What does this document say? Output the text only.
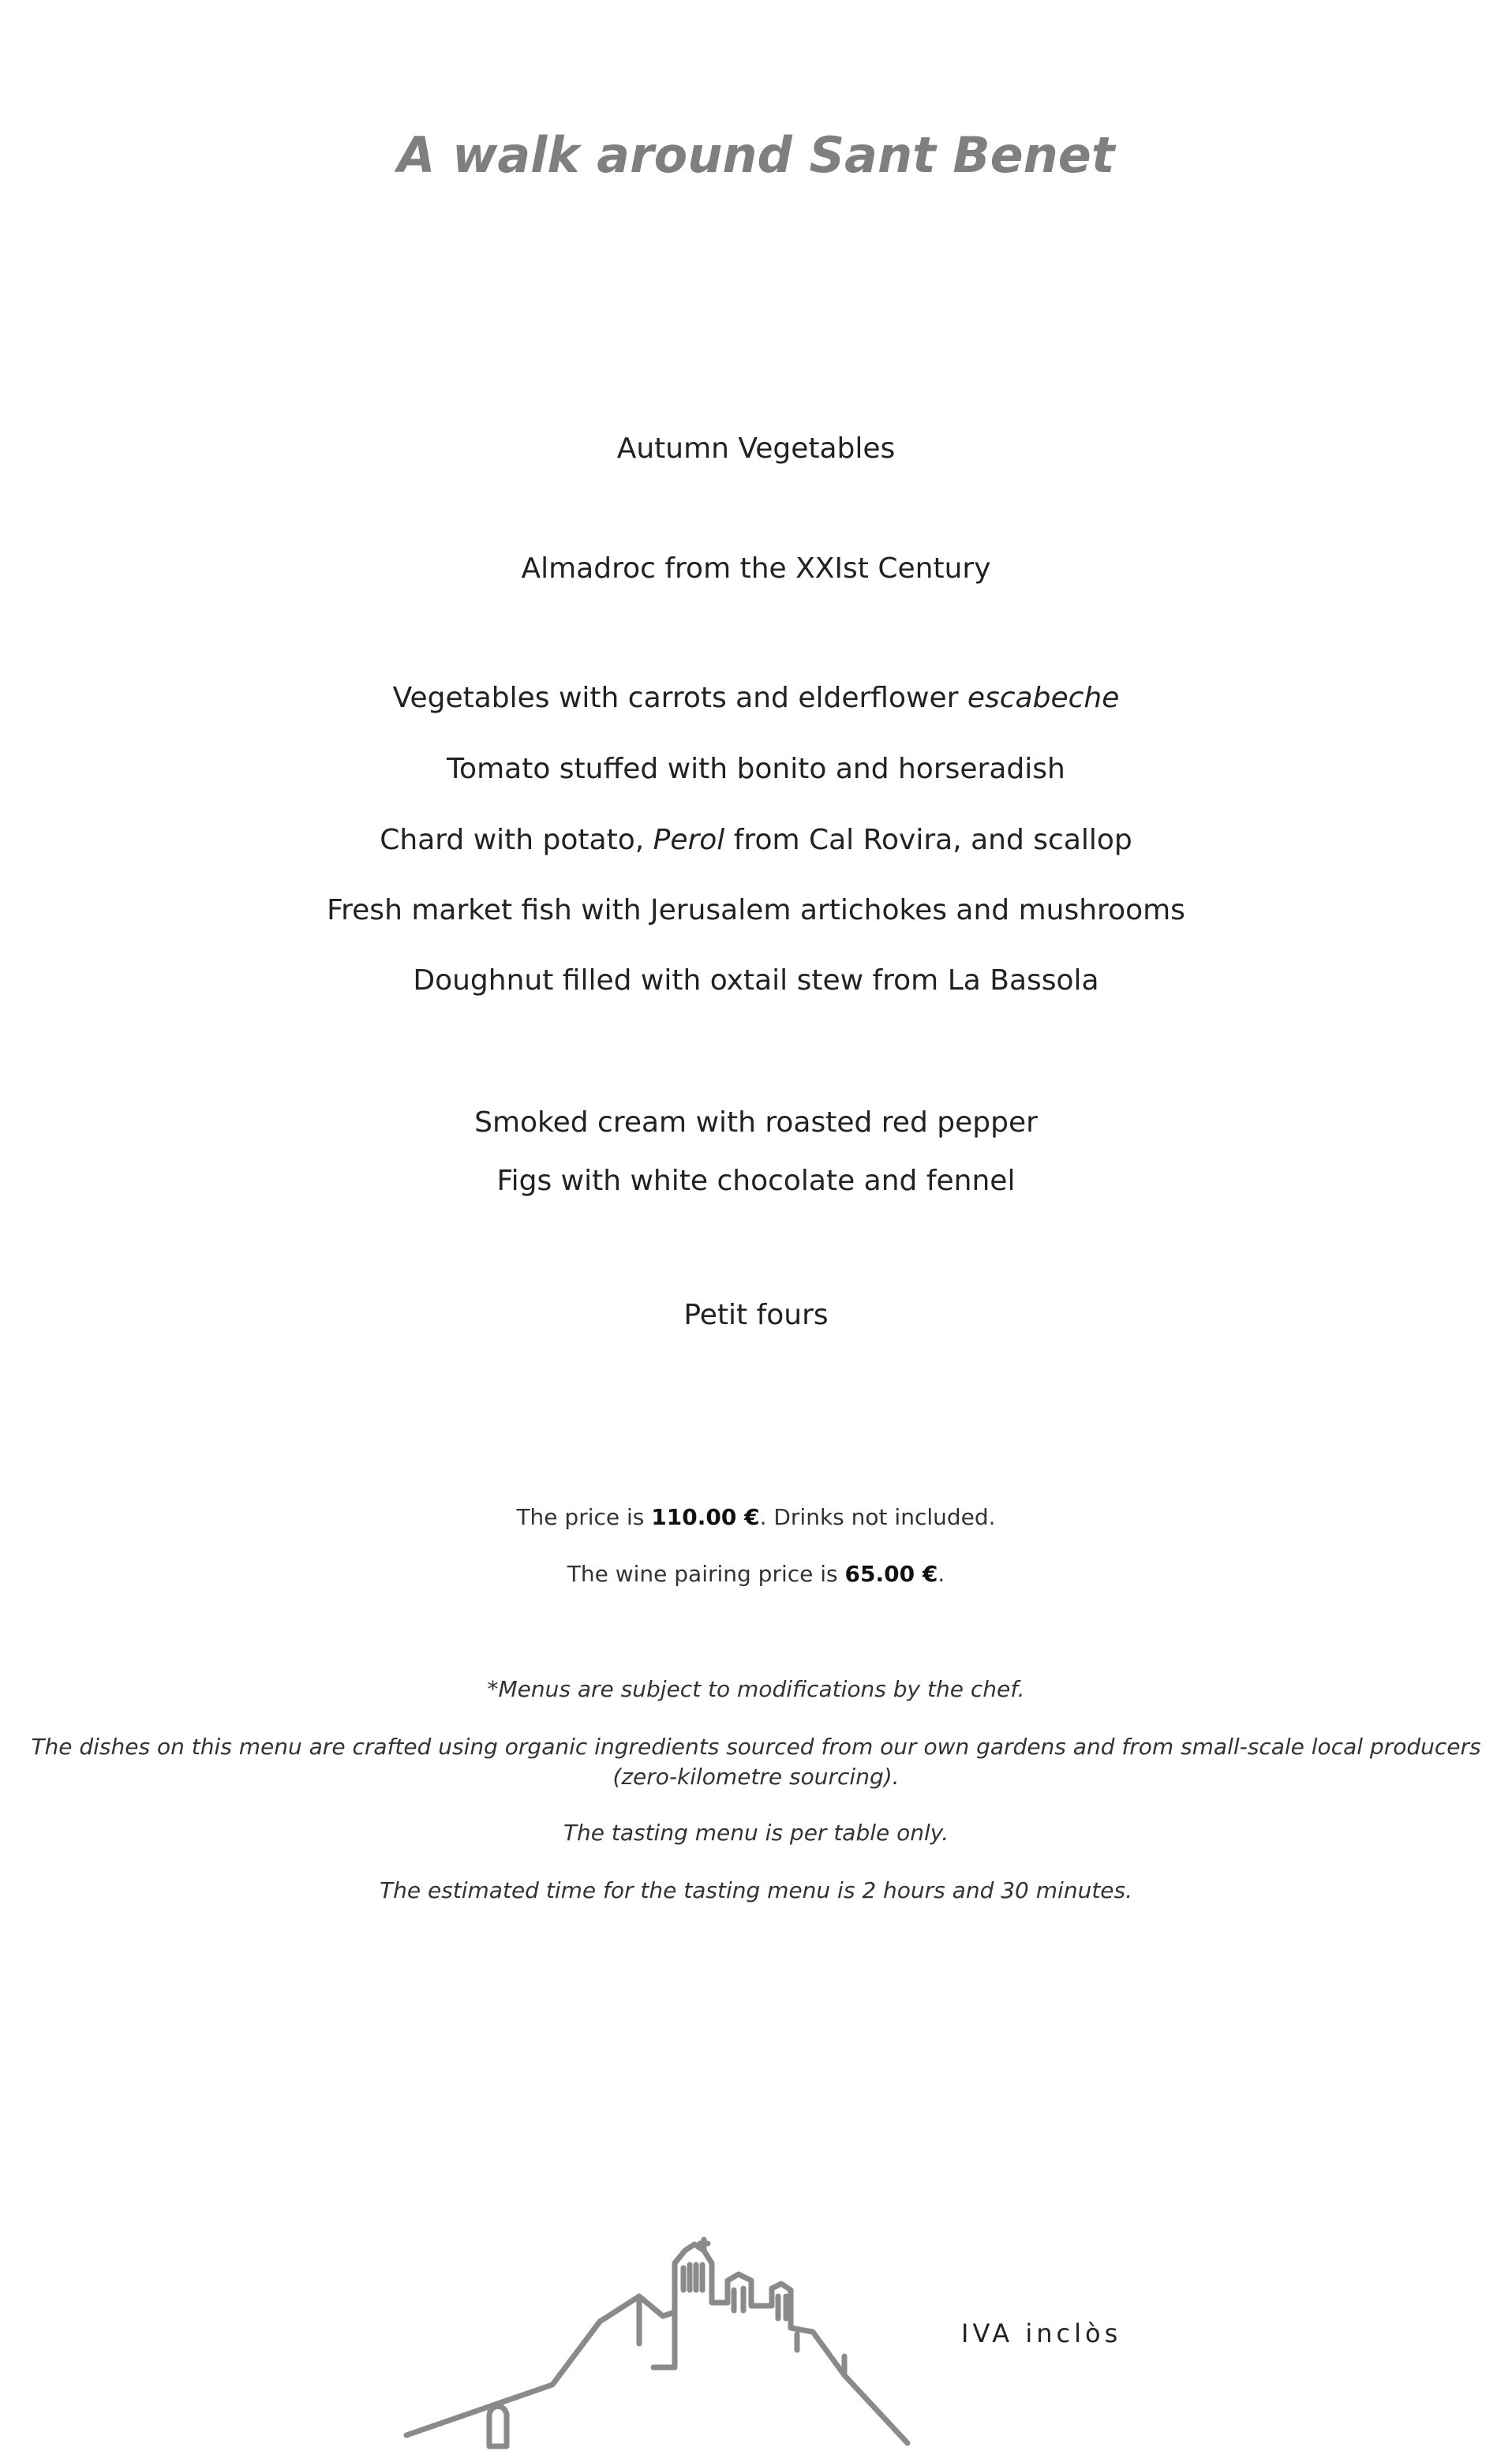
A walk around Sant Benet
Autumn Vegetables
Almadroc from the XXIst Century
Vegetables with carrots and elderflower escabeche
Tomato stuffed with bonito and horseradish
Chard with potato, Perol from Cal Rovira, and scallop
Fresh market fish with Jerusalem artichokes and mushrooms
Doughnut filled with oxtail stew from La Bassola
Smoked cream with roasted red pepper
Figs with white chocolate and fennel
Petit fours
The price is 110.00 €. Drinks not included.
The wine pairing price is 65.00 €.
*Menus are subject to modifications by the chef.
The dishes on this menu are crafted using organic ingredients sourced from our own gardens and from small-scale local producers (zero-kilometre sourcing).
The tasting menu is per table only.
The estimated time for the tasting menu is 2 hours and 30 minutes.
IVA inclòs
